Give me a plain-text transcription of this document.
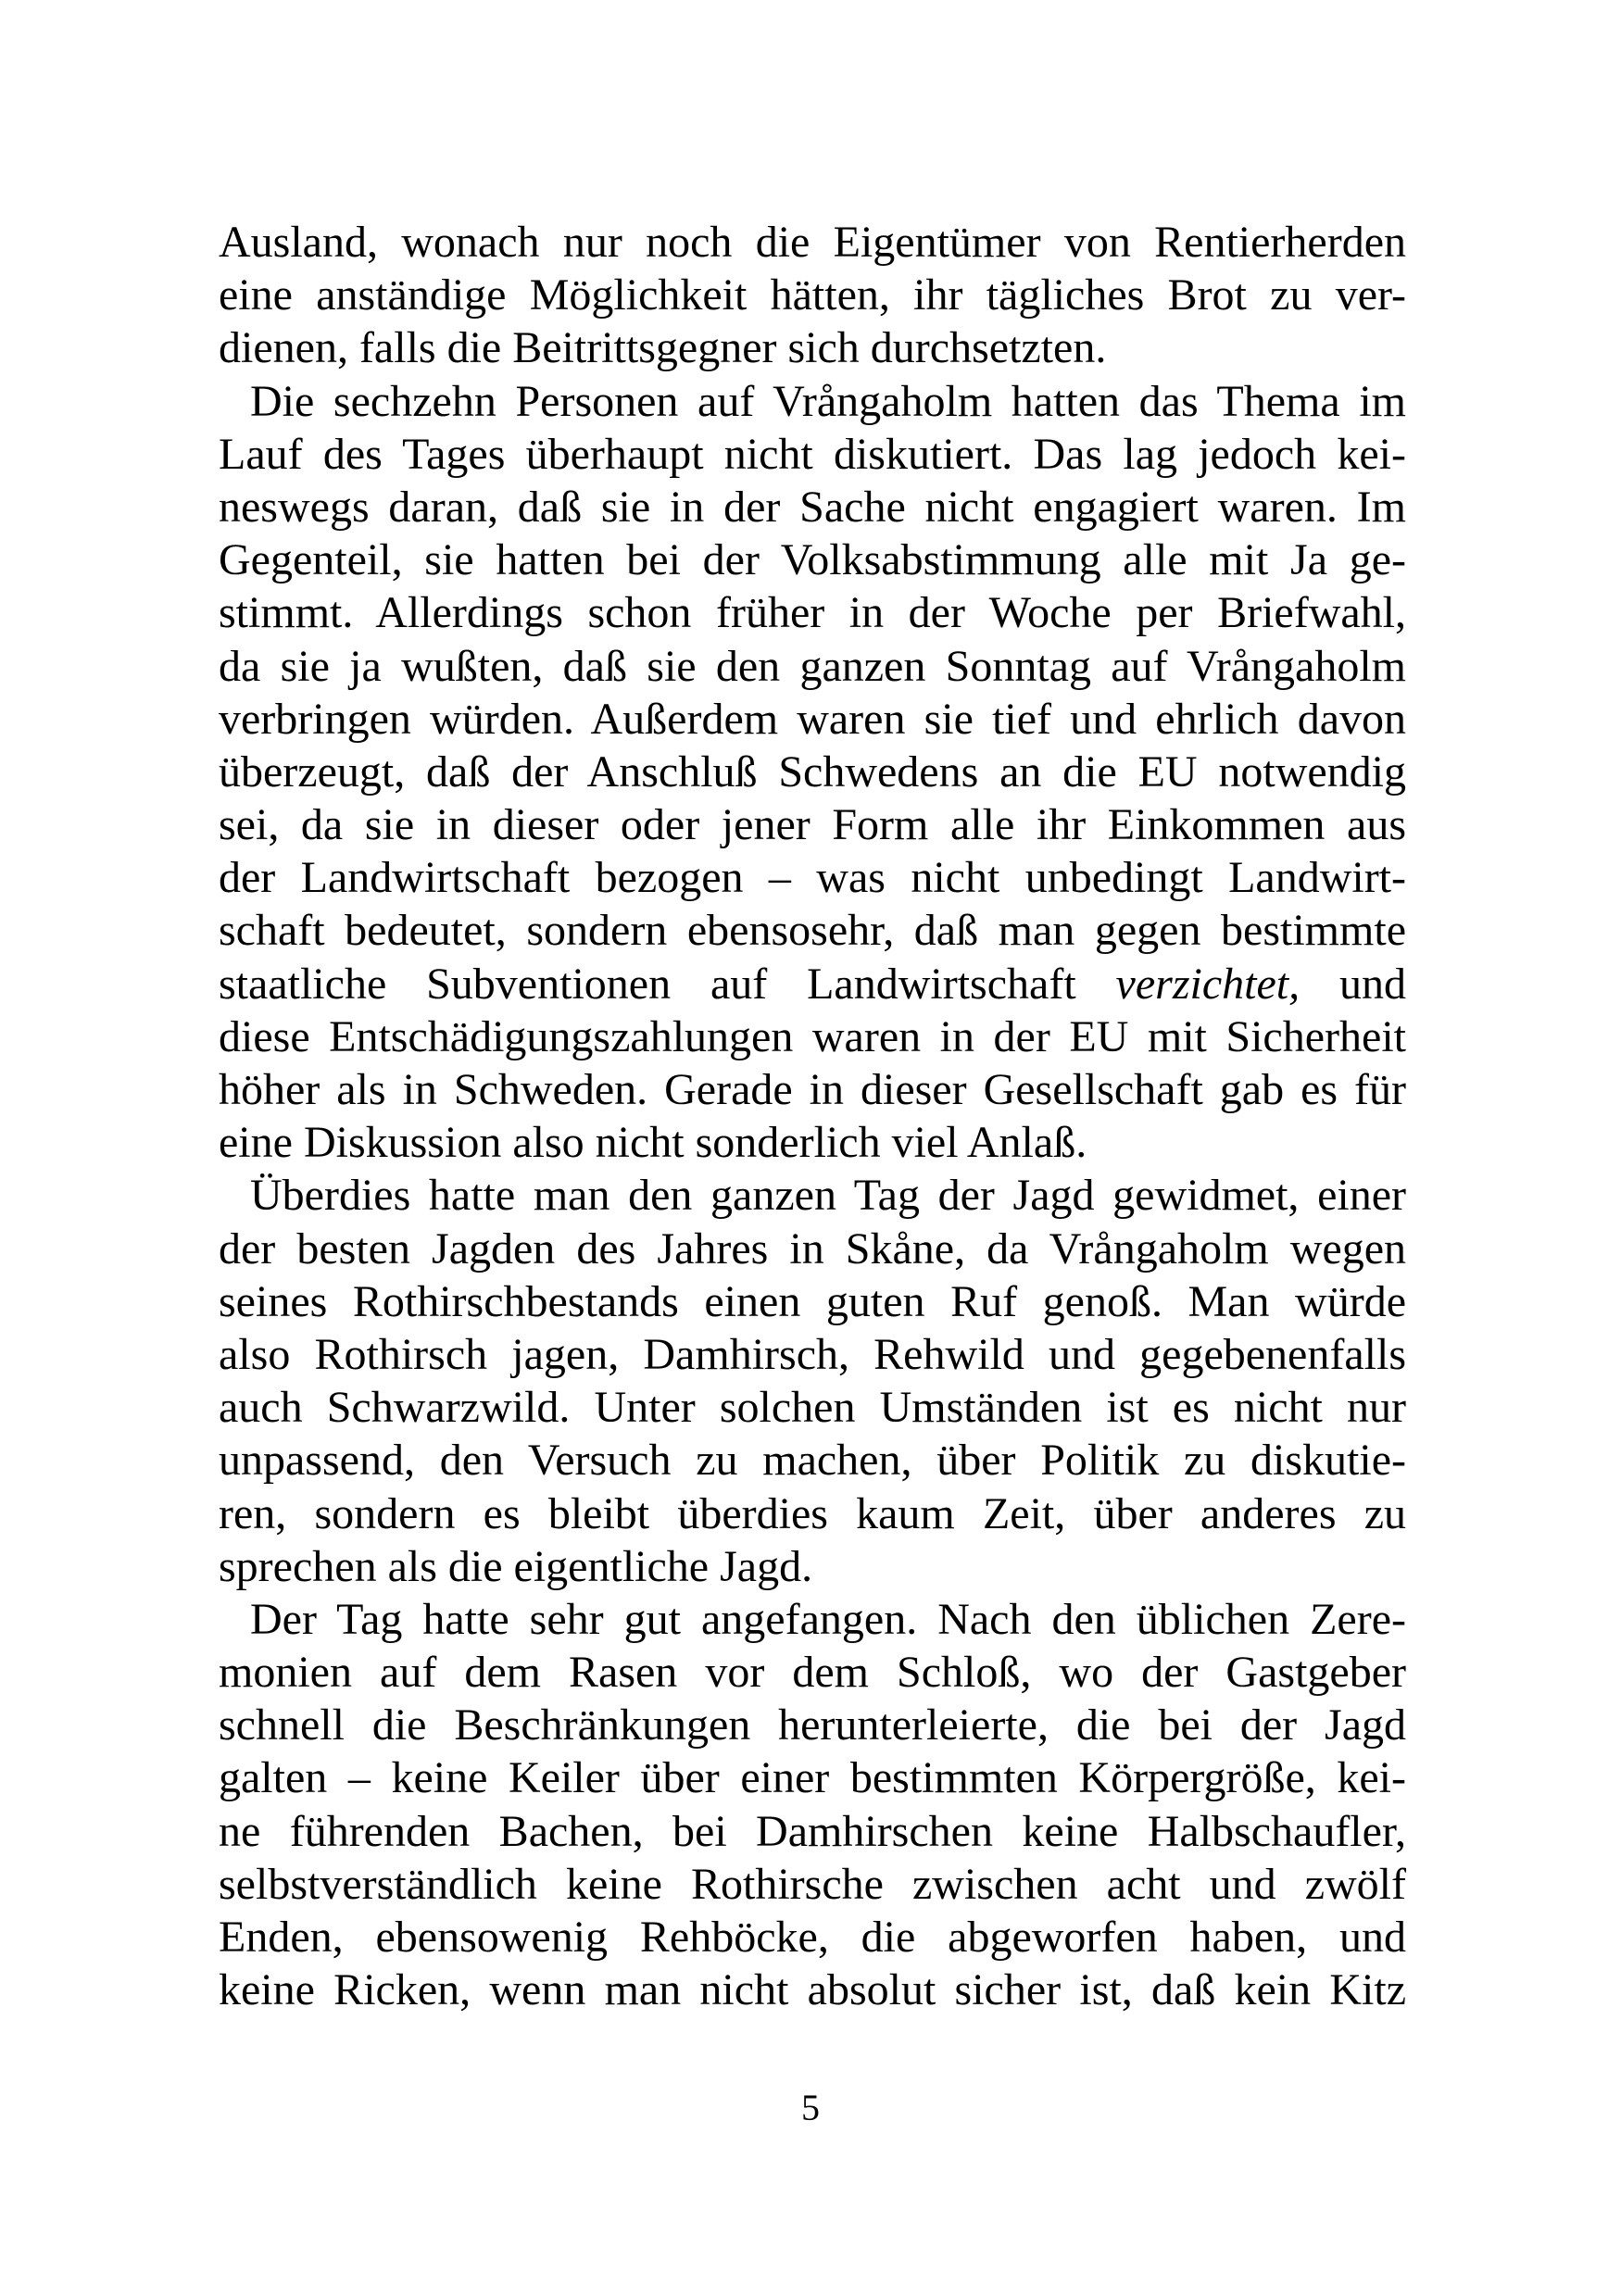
Ausland, wonach nur noch die Eigentümer von Rentierherden
eine anständige Möglichkeit hätten, ihr tägliches Brot zu ver-
dienen, falls die Beitrittsgegner sich durchsetzten.
Die sechzehn Personen auf Vrångaholm hatten das Thema im
Lauf des Tages überhaupt nicht diskutiert. Das lag jedoch kei-
neswegs daran, daß sie in der Sache nicht engagiert waren. Im
Gegenteil, sie hatten bei der Volksabstimmung alle mit Ja ge-
stimmt. Allerdings schon früher in der Woche per Briefwahl,
da sie ja wußten, daß sie den ganzen Sonntag auf Vrångaholm
verbringen würden. Außerdem waren sie tief und ehrlich davon
überzeugt, daß der Anschluß Schwedens an die EU notwendig
sei, da sie in dieser oder jener Form alle ihr Einkommen aus
der Landwirtschaft bezogen – was nicht unbedingt Landwirt-
schaft bedeutet, sondern ebensosehr, daß man gegen bestimmte
staatliche Subventionen auf Landwirtschaft verzichtet, und
diese Entschädigungszahlungen waren in der EU mit Sicherheit
höher als in Schweden. Gerade in dieser Gesellschaft gab es für
eine Diskussion also nicht sonderlich viel Anlaß.
Überdies hatte man den ganzen Tag der Jagd gewidmet, einer
der besten Jagden des Jahres in Skåne, da Vrångaholm wegen
seines Rothirschbestands einen guten Ruf genoß. Man würde
also Rothirsch jagen, Damhirsch, Rehwild und gegebenenfalls
auch Schwarzwild. Unter solchen Umständen ist es nicht nur
unpassend, den Versuch zu machen, über Politik zu diskutie-
ren, sondern es bleibt überdies kaum Zeit, über anderes zu
sprechen als die eigentliche Jagd.
Der Tag hatte sehr gut angefangen. Nach den üblichen Zere-
monien auf dem Rasen vor dem Schloß, wo der Gastgeber
schnell die Beschränkungen herunterleierte, die bei der Jagd
galten – keine Keiler über einer bestimmten Körpergröße, kei-
ne führenden Bachen, bei Damhirschen keine Halbschaufler,
selbstverständlich keine Rothirsche zwischen acht und zwölf
Enden, ebensowenig Rehböcke, die abgeworfen haben, und
keine Ricken, wenn man nicht absolut sicher ist, daß kein Kitz
5
